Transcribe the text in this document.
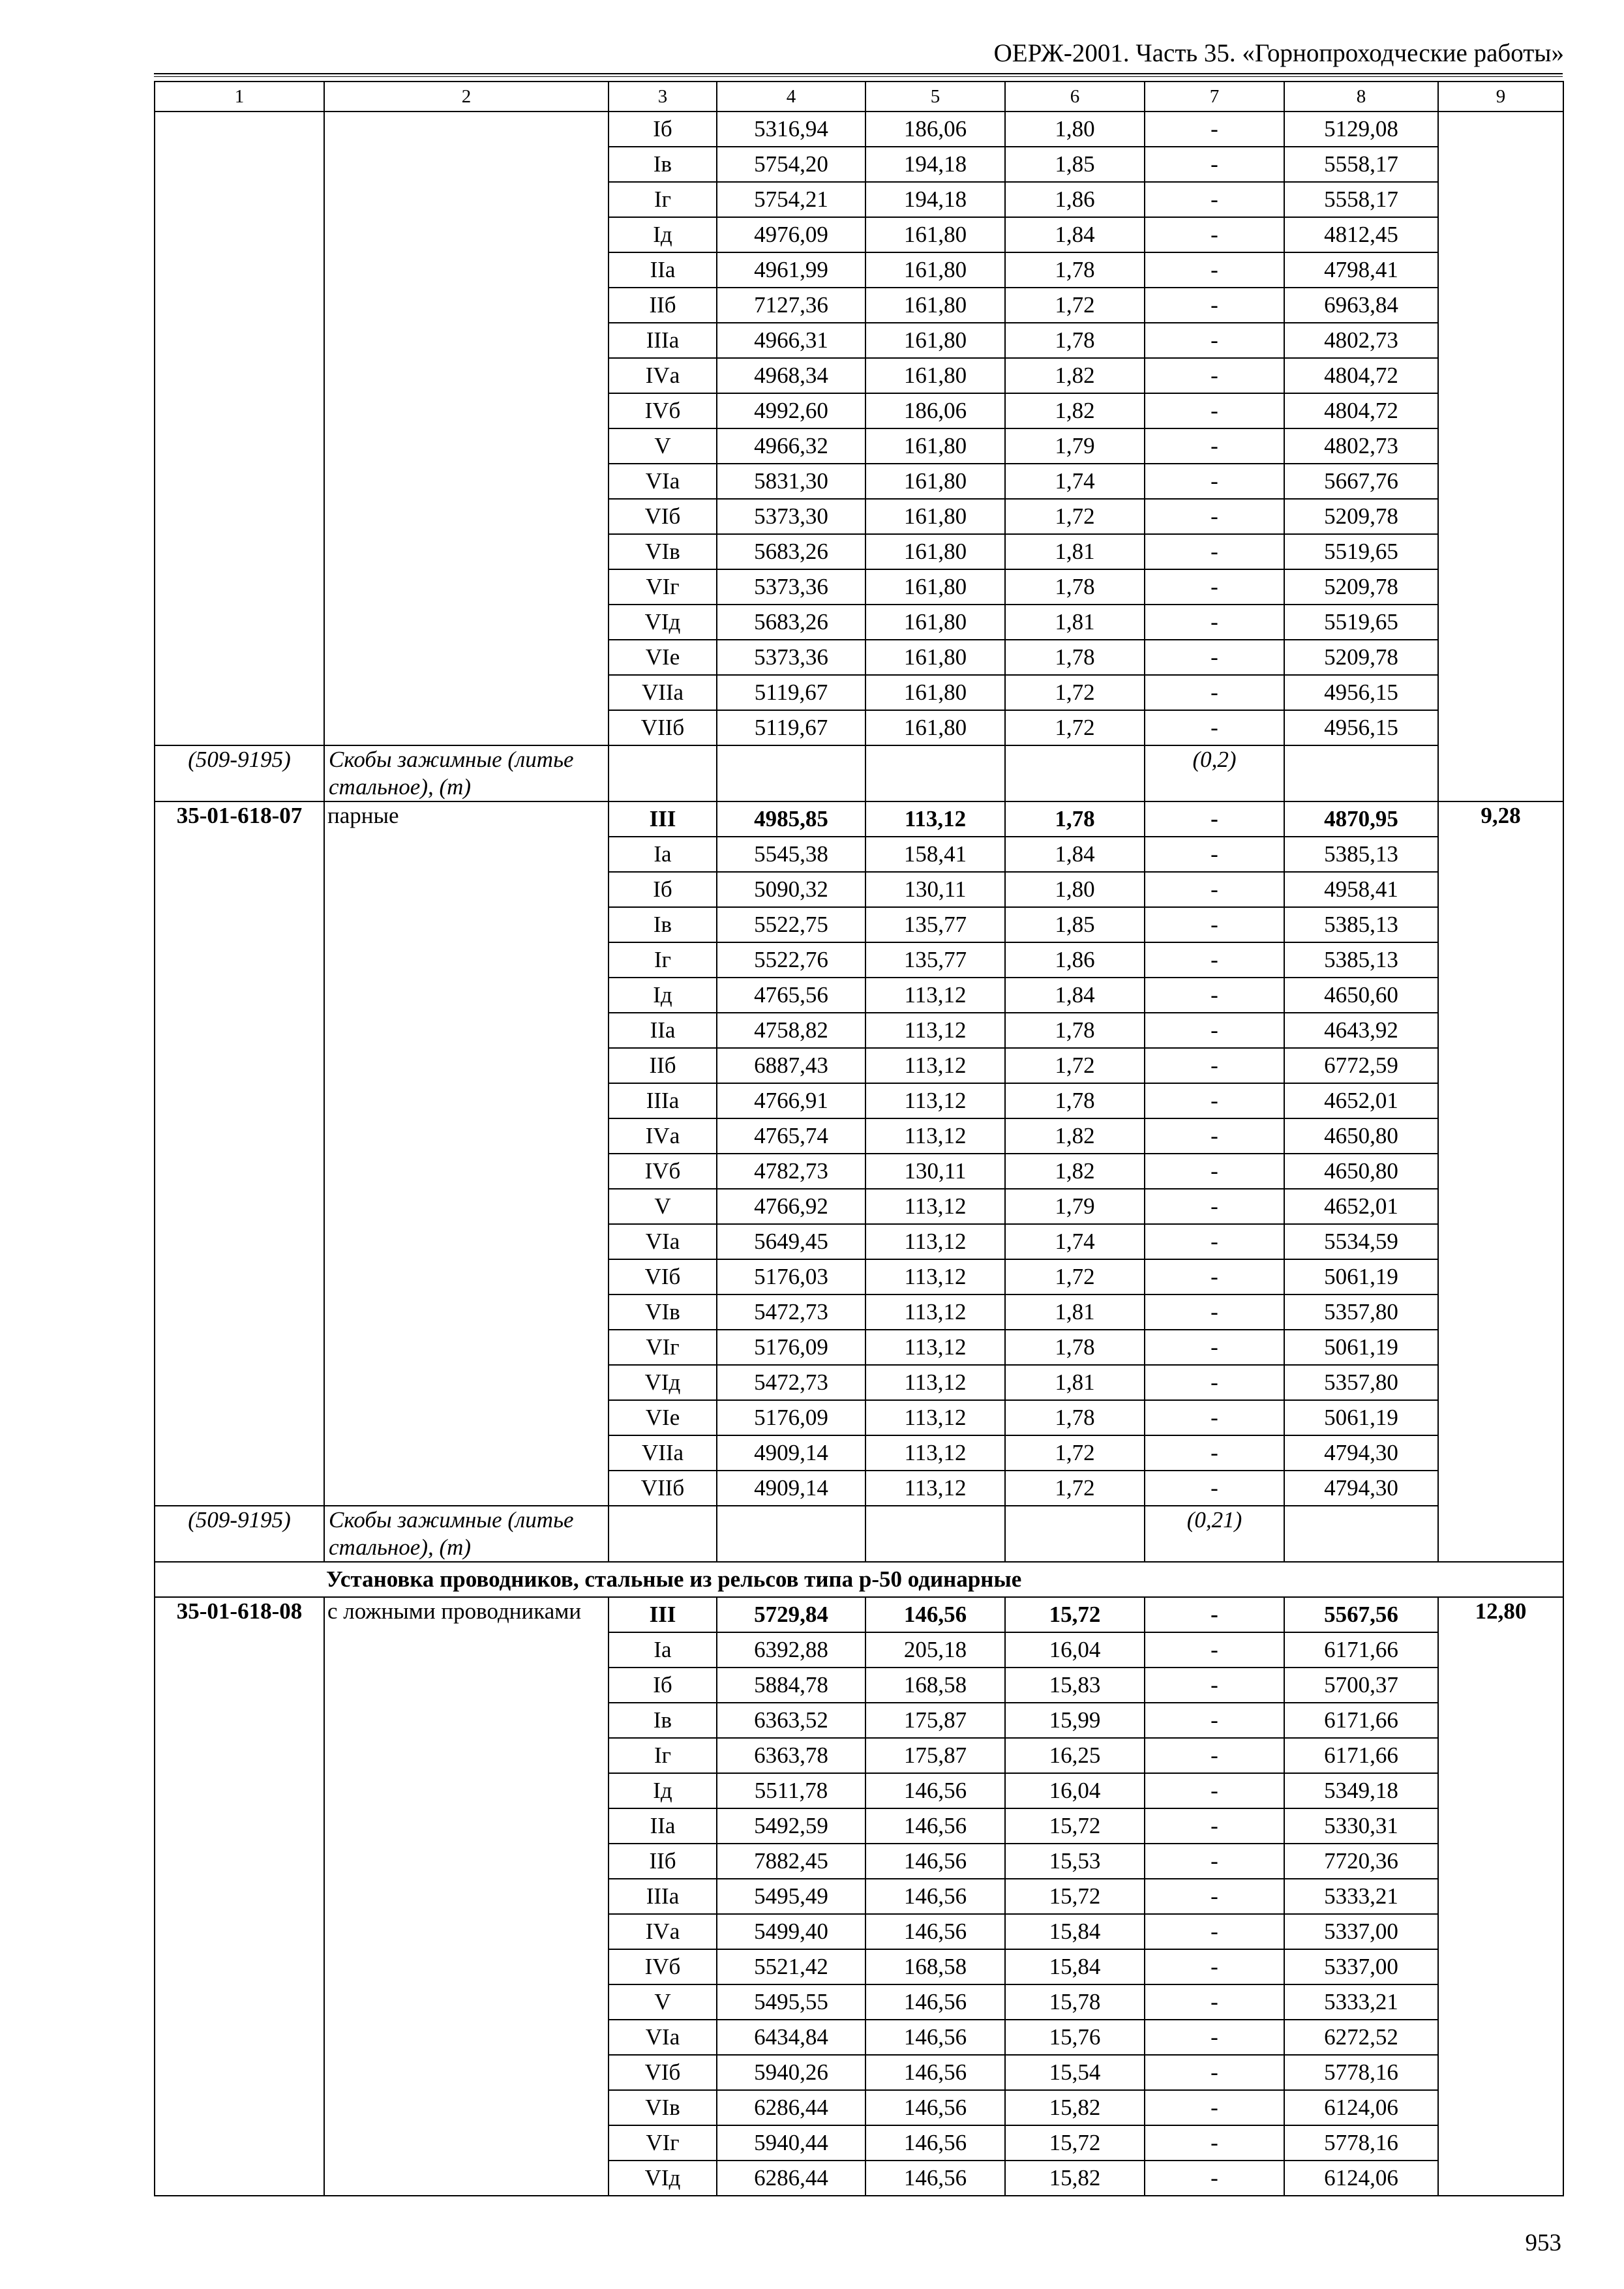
ОЕРЖ-2001. Часть 35. «Горнопроходческие работы»
1	2	3	4	5	6	7	8	9
		Iб	5316,94	186,06	1,80	-	5129,08	
		Iв	5754,20	194,18	1,85	-	5558,17	
		Iг	5754,21	194,18	1,86	-	5558,17	
		Iд	4976,09	161,80	1,84	-	4812,45	
		IIа	4961,99	161,80	1,78	-	4798,41	
		IIб	7127,36	161,80	1,72	-	6963,84	
		IIIа	4966,31	161,80	1,78	-	4802,73	
		IVа	4968,34	161,80	1,82	-	4804,72	
		IVб	4992,60	186,06	1,82	-	4804,72	
		V	4966,32	161,80	1,79	-	4802,73	
		VIа	5831,30	161,80	1,74	-	5667,76	
		VIб	5373,30	161,80	1,72	-	5209,78	
		VIв	5683,26	161,80	1,81	-	5519,65	
		VIг	5373,36	161,80	1,78	-	5209,78	
		VIд	5683,26	161,80	1,81	-	5519,65	
		VIе	5373,36	161,80	1,78	-	5209,78	
		VIIа	5119,67	161,80	1,72	-	4956,15	
		VIIб	5119,67	161,80	1,72	-	4956,15	
(509-9195)	Скобы зажимные (литье стальное), (т)					(0,2)		
35-01-618-07	парные	III	4985,85	113,12	1,78	-	4870,95	9,28
		Iа	5545,38	158,41	1,84	-	5385,13	
		Iб	5090,32	130,11	1,80	-	4958,41	
		Iв	5522,75	135,77	1,85	-	5385,13	
		Iг	5522,76	135,77	1,86	-	5385,13	
		Iд	4765,56	113,12	1,84	-	4650,60	
		IIа	4758,82	113,12	1,78	-	4643,92	
		IIб	6887,43	113,12	1,72	-	6772,59	
		IIIа	4766,91	113,12	1,78	-	4652,01	
		IVа	4765,74	113,12	1,82	-	4650,80	
		IVб	4782,73	130,11	1,82	-	4650,80	
		V	4766,92	113,12	1,79	-	4652,01	
		VIа	5649,45	113,12	1,74	-	5534,59	
		VIб	5176,03	113,12	1,72	-	5061,19	
		VIв	5472,73	113,12	1,81	-	5357,80	
		VIг	5176,09	113,12	1,78	-	5061,19	
		VIд	5472,73	113,12	1,81	-	5357,80	
		VIе	5176,09	113,12	1,78	-	5061,19	
		VIIа	4909,14	113,12	1,72	-	4794,30	
		VIIб	4909,14	113,12	1,72	-	4794,30	
(509-9195)	Скобы зажимные (литье стальное), (т)					(0,21)		
Установка проводников, стальные из рельсов типа р-50 одинарные								
35-01-618-08	с ложными проводниками	III	5729,84	146,56	15,72	-	5567,56	12,80
		Iа	6392,88	205,18	16,04	-	6171,66	
		Iб	5884,78	168,58	15,83	-	5700,37	
		Iв	6363,52	175,87	15,99	-	6171,66	
		Iг	6363,78	175,87	16,25	-	6171,66	
		Iд	5511,78	146,56	16,04	-	5349,18	
		IIа	5492,59	146,56	15,72	-	5330,31	
		IIб	7882,45	146,56	15,53	-	7720,36	
		IIIа	5495,49	146,56	15,72	-	5333,21	
		IVа	5499,40	146,56	15,84	-	5337,00	
		IVб	5521,42	168,58	15,84	-	5337,00	
		V	5495,55	146,56	15,78	-	5333,21	
		VIа	6434,84	146,56	15,76	-	6272,52	
		VIб	5940,26	146,56	15,54	-	5778,16	
		VIв	6286,44	146,56	15,82	-	6124,06	
		VIг	5940,44	146,56	15,72	-	5778,16	
		VIд	6286,44	146,56	15,82	-	6124,06	
953
